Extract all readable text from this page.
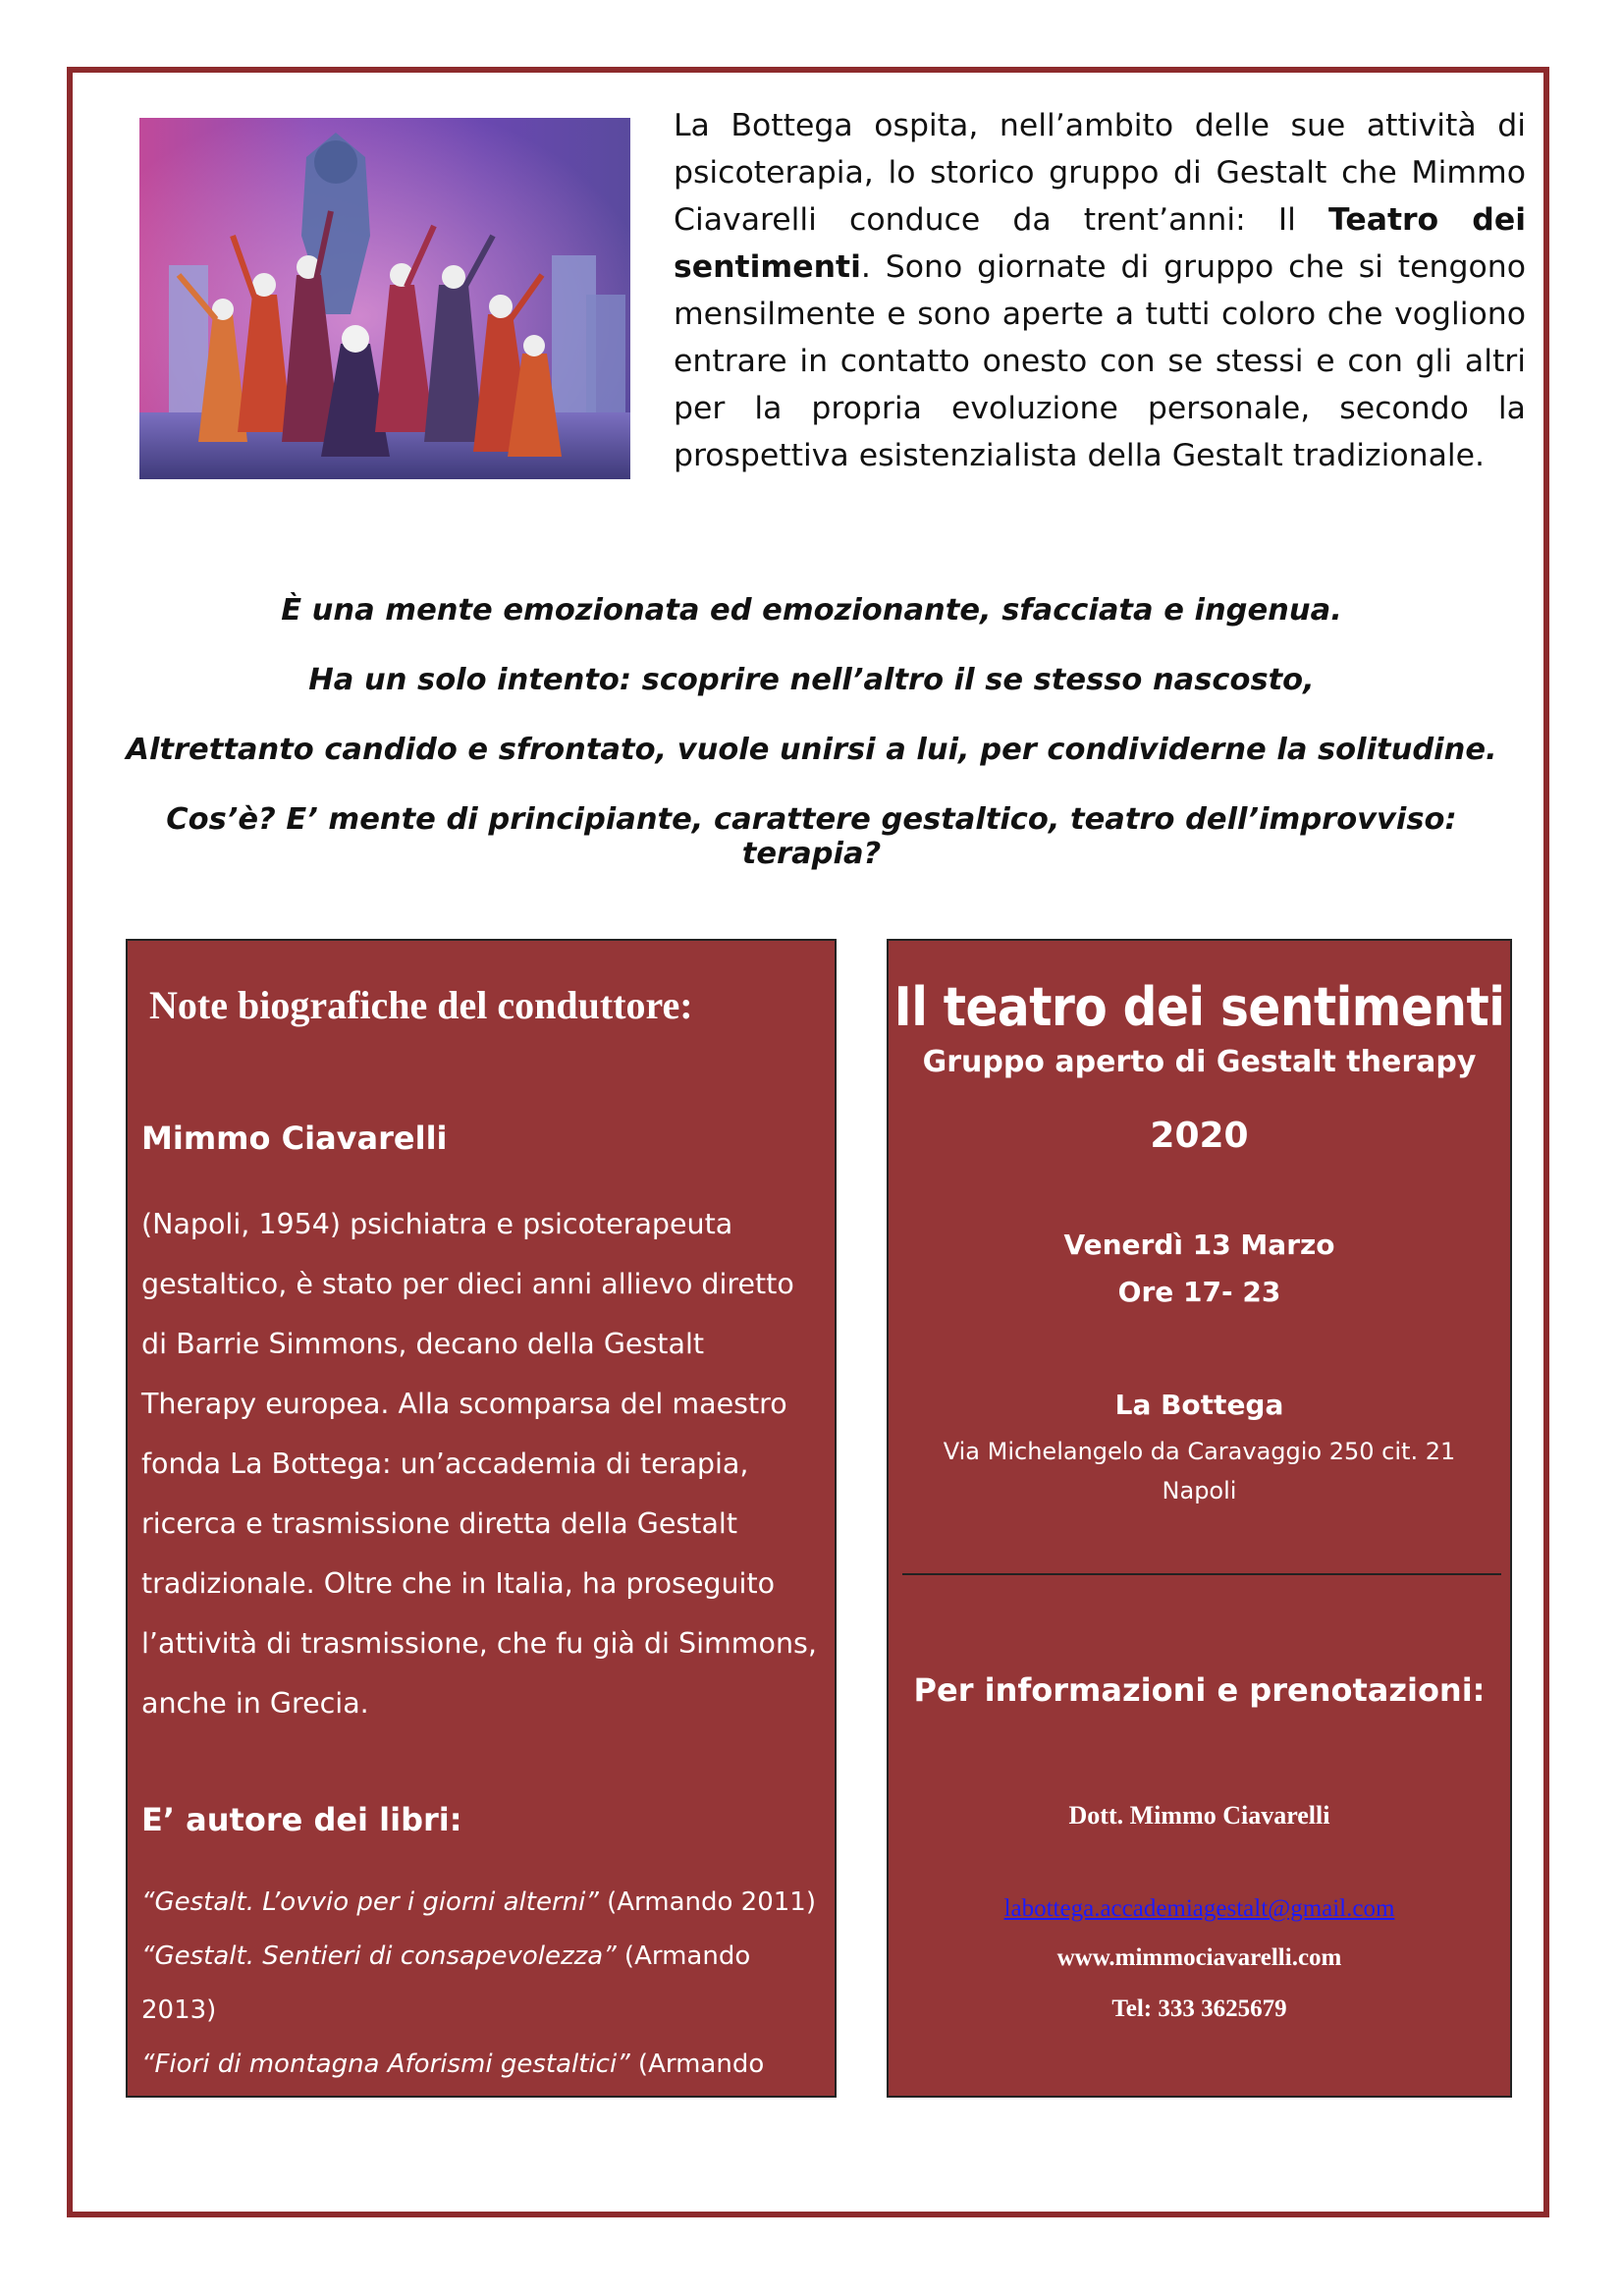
La Bottega ospita, nell’ambito delle sue attività di psicoterapia, lo storico gruppo di Gestalt che Mimmo Ciavarelli conduce da trent’anni: Il Teatro dei sentimenti. Sono giornate di gruppo che si tengono mensilmente e sono aperte a tutti coloro che vogliono entrare in contatto onesto con se stessi e con gli altri per la propria evoluzione personale, secondo la prospettiva esistenzialista della Gestalt tradizionale.

È una mente emozionata ed emozionante, sfacciata e ingenua.

Ha un solo intento: scoprire nell’altro il se stesso nascosto,

Altrettanto candido e sfrontato, vuole unirsi a lui, per condividerne la solitudine.

Cos’è? E’ mente di principiante, carattere gestaltico, teatro dell’improvviso: terapia?

Note biografiche del conduttore:
Mimmo Ciavarelli
(Napoli, 1954) psichiatra e psicoterapeuta gestaltico, è stato per dieci anni allievo diretto di Barrie Simmons, decano della Gestalt Therapy europea. Alla scomparsa del maestro fonda La Bottega: un’accademia di terapia, ricerca e trasmissione diretta della Gestalt tradizionale. Oltre che in Italia, ha proseguito l’attività di trasmissione, che fu già di Simmons, anche in Grecia.
E’ autore dei libri:
“Gestalt. L’ovvio per i giorni alterni” (Armando 2011)
“Gestalt. Sentieri di consapevolezza” (Armando 2013)
“Fiori di montagna Aforismi gestaltici” (Armando 2019)
Il teatro dei sentimenti
Gruppo aperto di Gestalt therapy
2020
Venerdì 13 Marzo
Ore 17- 23
La Bottega
Via Michelangelo da Caravaggio 250 cit. 21
Napoli
Per informazioni e prenotazioni:
Dott. Mimmo Ciavarelli
labottega.accademiagestalt@gmail.com
www.mimmociavarelli.com
Tel: 333 3625679
